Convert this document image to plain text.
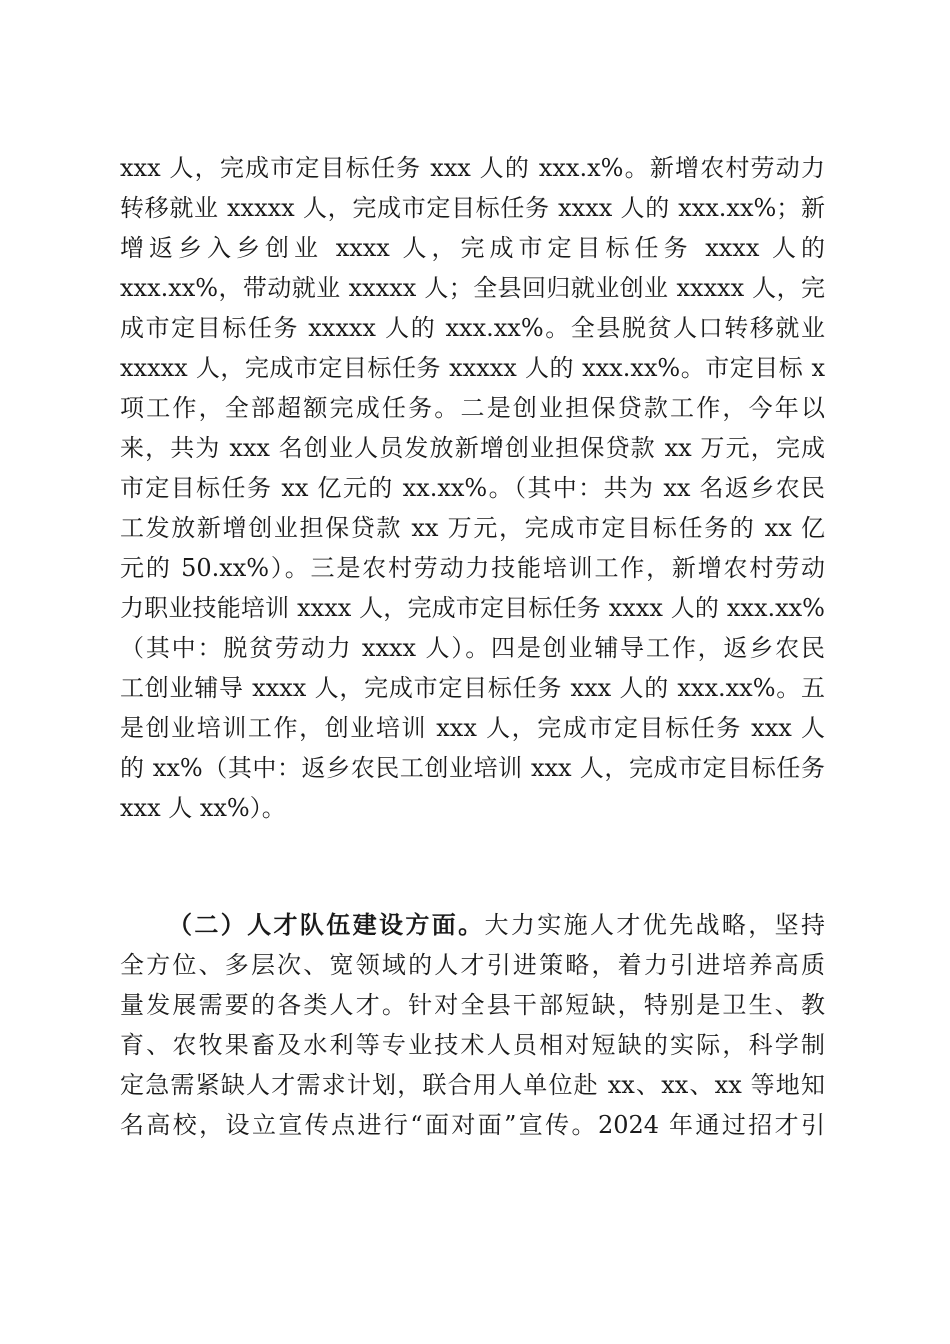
xxx 人，完成市定目标任务 xxx 人的 xxx.x%。新增农村劳动力
转移就业 xxxxx 人，完成市定目标任务 xxxx 人的 xxx.xx%；新
增返乡入乡创业 xxxx 人，完成市定目标任务 xxxx 人的
xxx.xx%，带动就业 xxxxx 人；全县回归就业创业 xxxxx 人，完
成市定目标任务 xxxxx 人的 xxx.xx%。全县脱贫人口转移就业
xxxxx 人，完成市定目标任务 xxxxx 人的 xxx.xx%。市定目标 x
项工作，全部超额完成任务。二是创业担保贷款工作，今年以
来，共为 xxx 名创业人员发放新增创业担保贷款 xx 万元，完成
市定目标任务 xx 亿元的 xx.xx%。（其中：共为 xx 名返乡农民
工发放新增创业担保贷款 xx 万元，完成市定目标任务的 xx 亿
元的 50.xx%）。三是农村劳动力技能培训工作，新增农村劳动
力职业技能培训 xxxx 人，完成市定目标任务 xxxx 人的 xxx.xx%
（其中：脱贫劳动力 xxxx 人）。四是创业辅导工作，返乡农民
工创业辅导 xxxx 人，完成市定目标任务 xxx 人的 xxx.xx%。五
是创业培训工作，创业培训 xxx 人，完成市定目标任务 xxx 人
的 xx%（其中：返乡农民工创业培训 xxx 人，完成市定目标任务
xxx 人 xx%）。
（二）人才队伍建设方面。大力实施人才优先战略，坚持
全方位、多层次、宽领域的人才引进策略，着力引进培养高质
量发展需要的各类人才。针对全县干部短缺，特别是卫生、教
育、农牧果畜及水利等专业技术人员相对短缺的实际，科学制
定急需紧缺人才需求计划，联合用人单位赴 xx、xx、xx 等地知
名高校，设立宣传点进行“面对面”宣传。2024 年通过招才引
